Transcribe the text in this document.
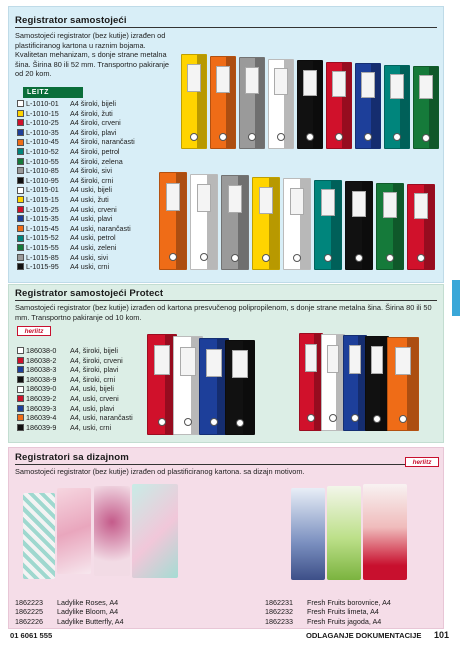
Registrator samostojeći
Samostojeći registrator (bez kutije) izrađen od plastificiranog kartona u raznim bojama. Kvalitetan mehanizam, s donje strane metalna šina. Širina 80 ili 52 mm. Transportno pakiranje od 20 kom.
LEITZ
L-1010-01	A4 široki, bijeli
L-1010-15	A4 široki, žuti
L-1010-25	A4 široki, crveni
L-1010-35	A4 široki, plavi
L-1010-45	A4 široki, narančasti
L-1010-52	A4 široki, petrol
L-1010-55	A4 široki, zelena
L-1010-85	A4 široki, sivi
L-1010-95	A4 široki, crni
L-1015-01	A4 uski, bijeli
L-1015-15	A4 uski, žuti
L-1015-25	A4 uski, crveni
L-1015-35	A4 uski, plavi
L-1015-45	A4 uski, narančasti
L-1015-52	A4 uski, petrol
L-1015-55	A4 uski, zeleni
L-1015-85	A4 uski, sivi
L-1015-95	A4 uski, crni
Registrator samostojeći Protect
Samostojeći registrator (bez kutije) izrađen od kartona presvučenog polipropilenom, s donje strane metalna šina. Širina 80 ili 50 mm. Transportno pakiranje od 10 kom.
herlitz
186038-0	A4, široki, bijeli
186038-2	A4, široki, crveni
186038-3	A4, široki, plavi
186038-9	A4, široki, crni
186039-0	A4, uski, bijeli
186039-2	A4, uski, crveni
186039-3	A4, uski, plavi
186039-4	A4, uski, narančasti
186039-9	A4, uski, crni
Registratori sa dizajnom
Samostojeći registrator (bez kutije) izrađen od plastificiranog kartona. sa dizajn motivom.
herlitz
1862223	Ladylike Roses, A4
1862225	Ladylike Bloom, A4
1862226	Ladylike Butterfly, A4
1862231	Fresh Fruits borovnice, A4
1862232	Fresh Fruits limeta, A4
1862233	Fresh Fruits jagoda, A4
01 6061 555	ODLAGANJE DOKUMENTACIJE 101
